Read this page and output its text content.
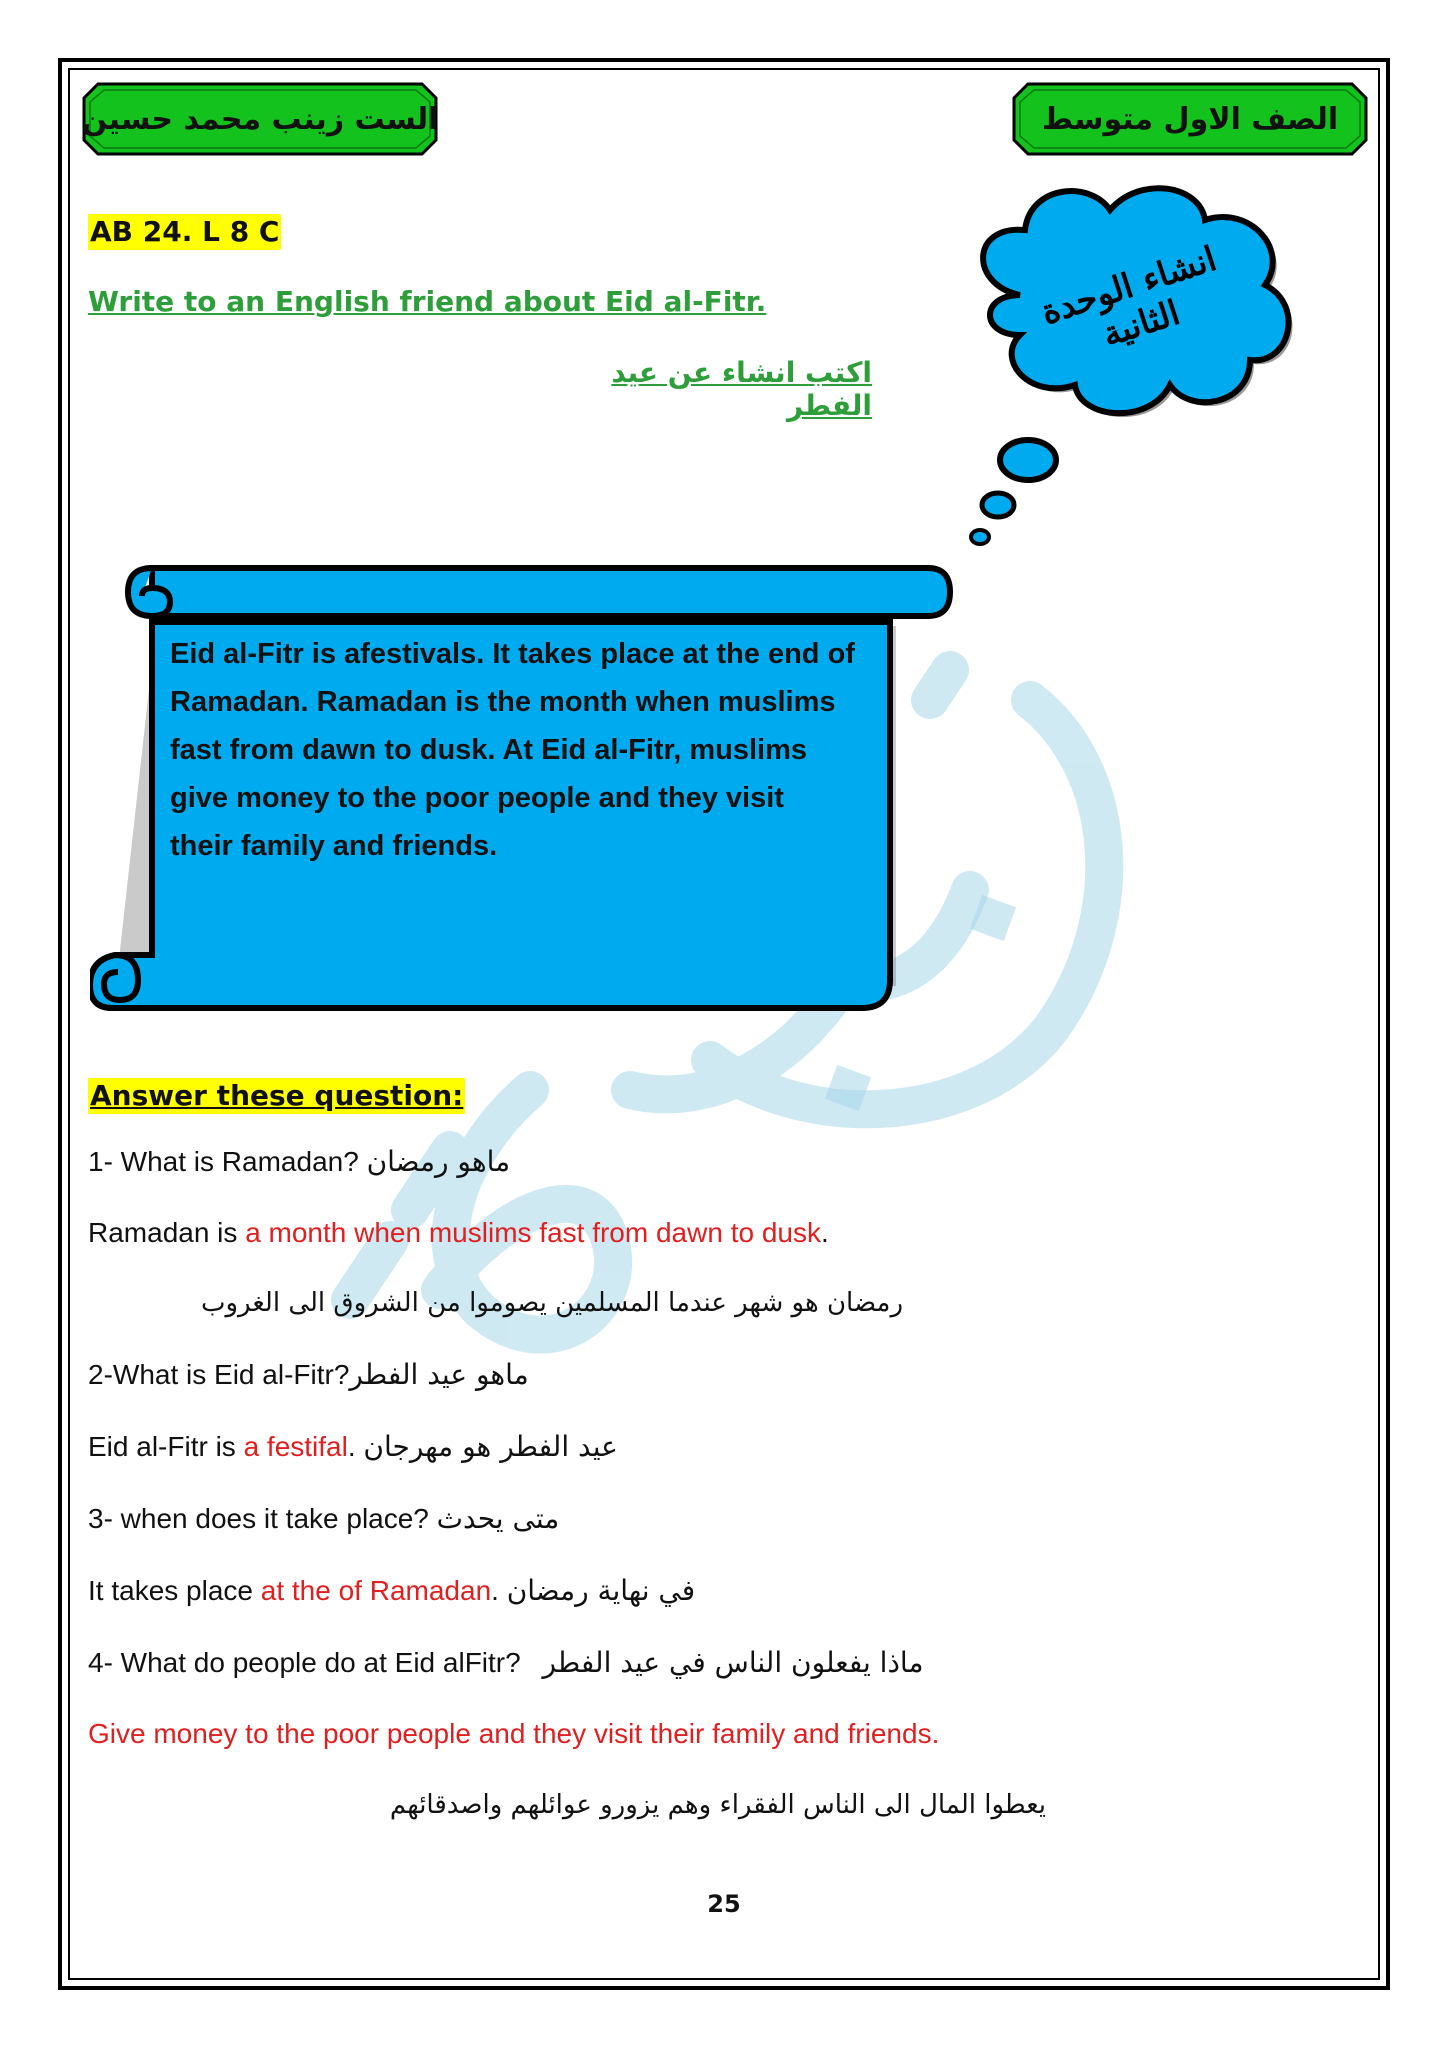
الست زينب محمد حسين	الصف الاول متوسط
انشاء الوحدة الثانية
Eid al-Fitr is afestivals. It takes place at the end of
Ramadan. Ramadan is the month when muslims
fast from dawn to dusk. At Eid al-Fitr, muslims
give money to the poor people and they visit
their family and friends.
AB 24. L 8 C
Write to an English friend about Eid al-Fitr.
اكتب انشاء عن عيد الفطر
Answer these question:
1- What is Ramadan? ماهو رمضان
Ramadan is a month when muslims fast from dawn to dusk.
رمضان هو شهر عندما المسلمين يصوموا من الشروق الى الغروب
2-What is Eid al-Fitr?ماهو عيد الفطر
Eid al-Fitr is a festifal. عيد الفطر هو مهرجان
3- when does it take place? متى يحدث
It takes place at the of Ramadan. في نهاية رمضان
4- What do people do at Eid alFitr? ماذا يفعلون الناس في عيد الفطر
Give money to the poor people and they visit their family and friends.
يعطوا المال الى الناس الفقراء وهم يزورو عوائلهم واصدقائهم
25
